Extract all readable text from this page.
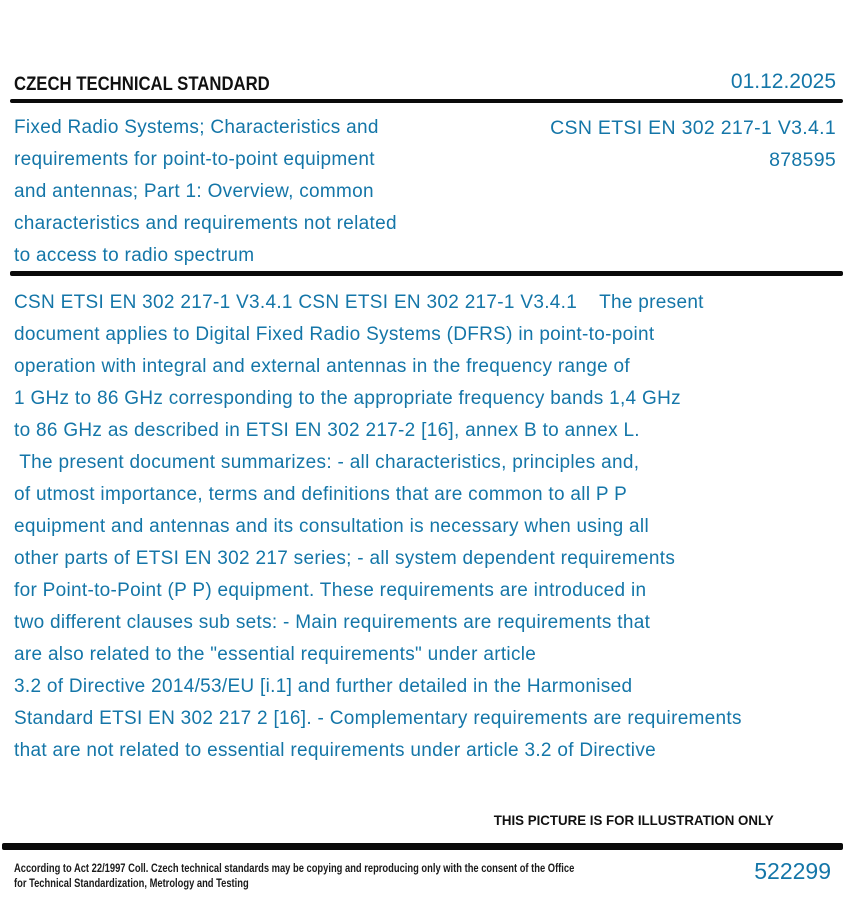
CZECH TECHNICAL STANDARD	01.12.2025
Fixed Radio Systems; Characteristics and
requirements for point-to-point equipment
and antennas; Part 1: Overview, common
characteristics and requirements not related
to access to radio spectrum
CSN ETSI EN 302 217-1 V3.4.1
878595
CSN ETSI EN 302 217-1 V3.4.1 CSN ETSI EN 302 217-1 V3.4.1    The present
document applies to Digital Fixed Radio Systems (DFRS) in point-to-point
operation with integral and external antennas in the frequency range of
1 GHz to 86 GHz corresponding to the appropriate frequency bands 1,4 GHz
to 86 GHz as described in ETSI EN 302 217-2 [16], annex B to annex L.
The present document summarizes: - all characteristics, principles and,
of utmost importance, terms and definitions that are common to all P P
equipment and antennas and its consultation is necessary when using all
other parts of ETSI EN 302 217 series; - all system dependent requirements
for Point-to-Point (P P) equipment. These requirements are introduced in
two different clauses sub sets: - Main requirements are requirements that
are also related to the "essential requirements" under article
3.2 of Directive 2014/53/EU [i.1] and further detailed in the Harmonised
Standard ETSI EN 302 217 2 [16]. - Complementary requirements are requirements
that are not related to essential requirements under article 3.2 of Directive
THIS PICTURE IS FOR ILLUSTRATION ONLY
According to Act 22/1997 Coll. Czech technical standards may be copying and reproducing only with the consent of the Office
for Technical Standardization, Metrology and Testing	522299
